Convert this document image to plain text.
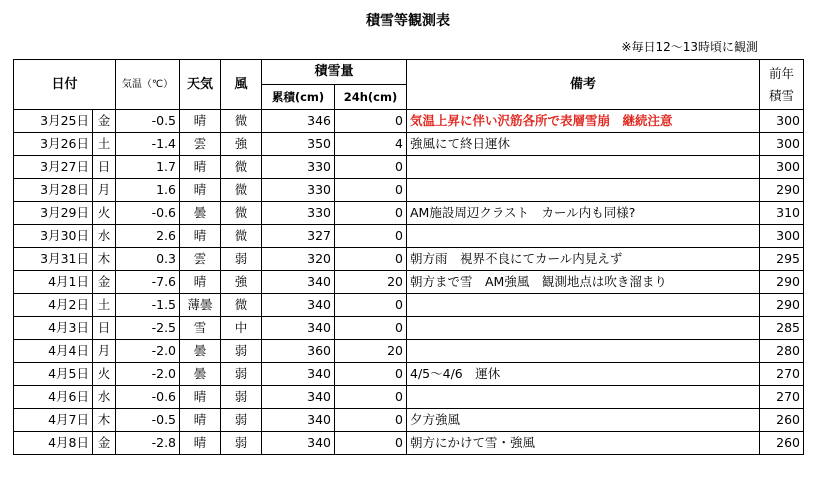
積雪等観測表
※毎日12～13時頃に観測
日付		気温（℃）	天気	風	積雪量		備考	前年
積雪

					累積(cm)	24h(cm)		
3月25日	金	-0.5	晴	微	346	0	気温上昇に伴い沢筋各所で表層雪崩　継続注意	300
3月26日	土	-1.4	雲	強	350	4	強風にて終日運休	300
3月27日	日	1.7	晴	微	330	0		300
3月28日	月	1.6	晴	微	330	0		290
3月29日	火	-0.6	曇	微	330	0	AM施設周辺クラスト　カール内も同様?	310
3月30日	水	2.6	晴	微	327	0		300
3月31日	木	0.3	雲	弱	320	0	朝方雨　視界不良にてカール内見えず	295
4月1日	金	-7.6	晴	強	340	20	朝方まで雪　AM強風　観測地点は吹き溜まり	290
4月2日	土	-1.5	薄曇	微	340	0		290
4月3日	日	-2.5	雪	中	340	0		285
4月4日	月	-2.0	曇	弱	360	20		280
4月5日	火	-2.0	曇	弱	340	0	4/5～4/6　運休	270
4月6日	水	-0.6	晴	弱	340	0		270
4月7日	木	-0.5	晴	弱	340	0	夕方強風	260
4月8日	金	-2.8	晴	弱	340	0	朝方にかけて雪・強風	260
